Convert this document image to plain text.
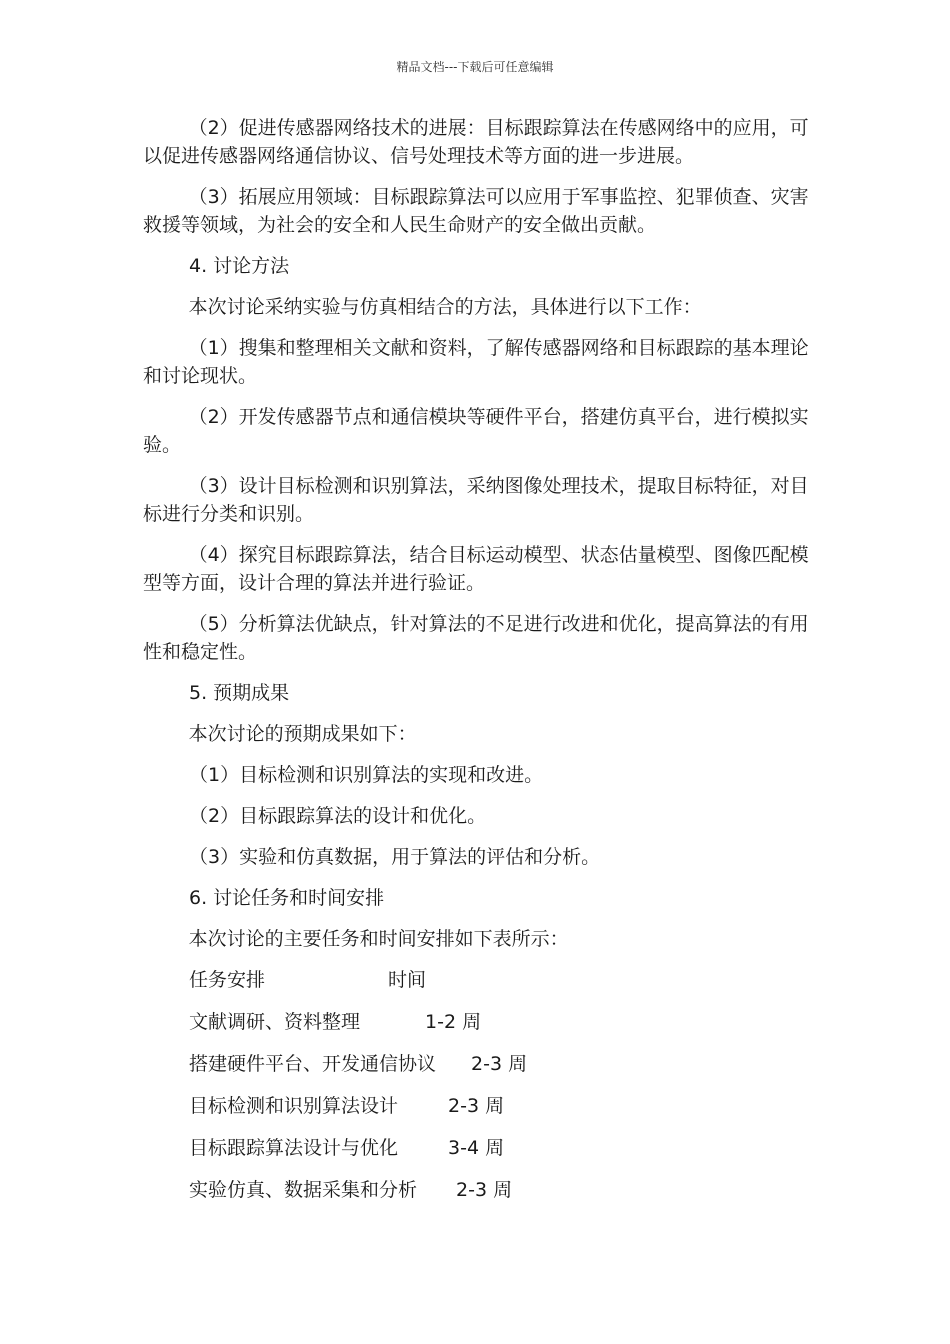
精品文档---下载后可任意编辑

（2）促进传感器网络技术的进展：目标跟踪算法在传感网络中的应用，可以促进传感器网络通信协议、信号处理技术等方面的进一步进展。

（3）拓展应用领域：目标跟踪算法可以应用于军事监控、犯罪侦查、灾害救援等领域，为社会的安全和人民生命财产的安全做出贡献。

4. 讨论方法

本次讨论采纳实验与仿真相结合的方法，具体进行以下工作：

（1）搜集和整理相关文献和资料，了解传感器网络和目标跟踪的基本理论和讨论现状。

（2）开发传感器节点和通信模块等硬件平台，搭建仿真平台，进行模拟实验。

（3）设计目标检测和识别算法，采纳图像处理技术，提取目标特征，对目标进行分类和识别。

（4）探究目标跟踪算法，结合目标运动模型、状态估量模型、图像匹配模型等方面，设计合理的算法并进行验证。

（5）分析算法优缺点，针对算法的不足进行改进和优化，提高算法的有用性和稳定性。

5. 预期成果

本次讨论的预期成果如下：

（1）目标检测和识别算法的实现和改进。

（2）目标跟踪算法的设计和优化。

（3）实验和仿真数据，用于算法的评估和分析。

6. 讨论任务和时间安排

本次讨论的主要任务和时间安排如下表所示：

任务安排	时间
文献调研、资料整理	1-2 周
搭建硬件平台、开发通信协议 2-3 周
目标检测和识别算法设计	2-3 周
目标跟踪算法设计与优化	3-4 周
实验仿真、数据采集和分析 2-3 周
